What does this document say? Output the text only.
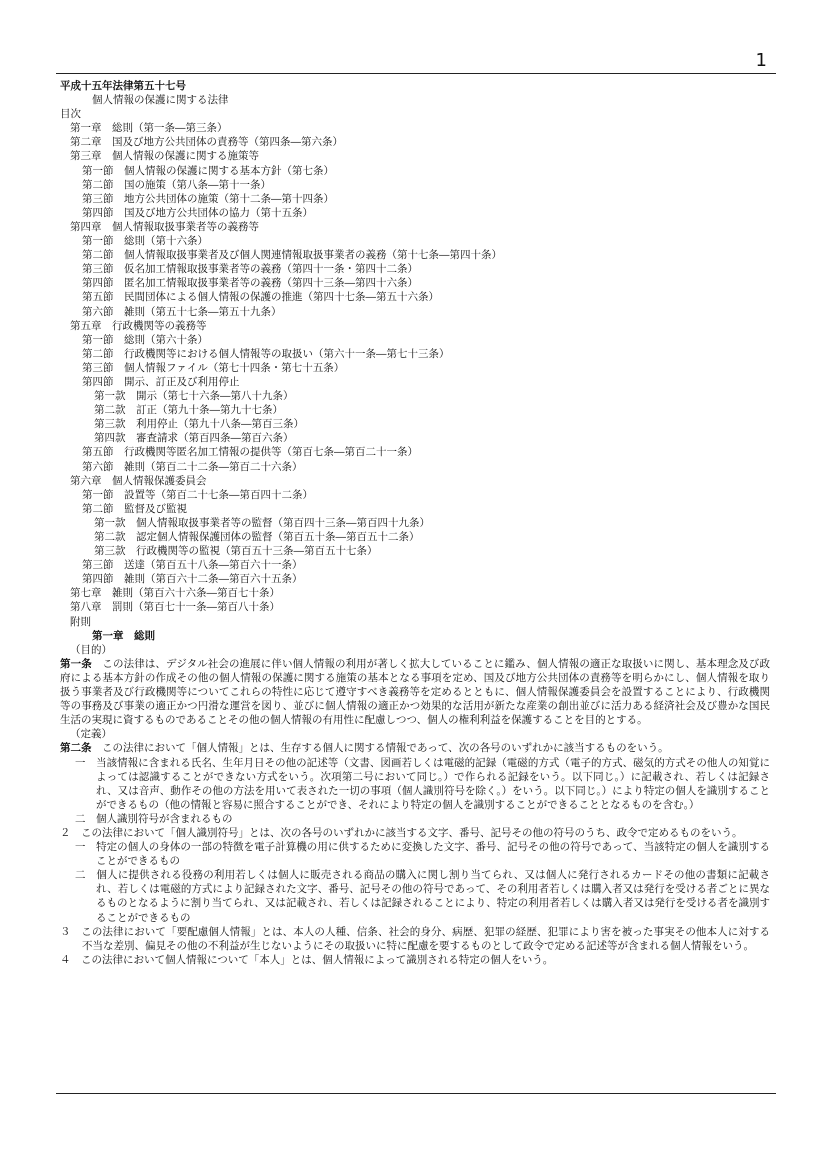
1
平成十五年法律第五十七号
個人情報の保護に関する法律
目次
第一章　総則（第一条―第三条）
第二章　国及び地方公共団体の責務等（第四条―第六条）
第三章　個人情報の保護に関する施策等
第一節　個人情報の保護に関する基本方針（第七条）
第二節　国の施策（第八条―第十一条）
第三節　地方公共団体の施策（第十二条―第十四条）
第四節　国及び地方公共団体の協力（第十五条）
第四章　個人情報取扱事業者等の義務等
第一節　総則（第十六条）
第二節　個人情報取扱事業者及び個人関連情報取扱事業者の義務（第十七条―第四十条）
第三節　仮名加工情報取扱事業者等の義務（第四十一条・第四十二条）
第四節　匿名加工情報取扱事業者等の義務（第四十三条―第四十六条）
第五節　民間団体による個人情報の保護の推進（第四十七条―第五十六条）
第六節　雑則（第五十七条―第五十九条）
第五章　行政機関等の義務等
第一節　総則（第六十条）
第二節　行政機関等における個人情報等の取扱い（第六十一条―第七十三条）
第三節　個人情報ファイル（第七十四条・第七十五条）
第四節　開示、訂正及び利用停止
第一款　開示（第七十六条―第八十九条）
第二款　訂正（第九十条―第九十七条）
第三款　利用停止（第九十八条―第百三条）
第四款　審査請求（第百四条―第百六条）
第五節　行政機関等匿名加工情報の提供等（第百七条―第百二十一条）
第六節　雑則（第百二十二条―第百二十六条）
第六章　個人情報保護委員会
第一節　設置等（第百二十七条―第百四十二条）
第二節　監督及び監視
第一款　個人情報取扱事業者等の監督（第百四十三条―第百四十九条）
第二款　認定個人情報保護団体の監督（第百五十条―第百五十二条）
第三款　行政機関等の監視（第百五十三条―第百五十七条）
第三節　送達（第百五十八条―第百六十一条）
第四節　雑則（第百六十二条―第百六十五条）
第七章　雑則（第百六十六条―第百七十条）
第八章　罰則（第百七十一条―第百八十条）
附則
第一章　総則
（目的）
第一条　 この法律は、デジタル社会の進展に伴い個人情報の利用が著しく拡大していることに鑑み、個人情報の適正な取扱いに関し、基本理念及び政府による基本方針の作成その他の個人情報の保護に関する施策の基本となる事項を定め、国及び地方公共団体の責務等を明らかにし、個人情報を取り扱う事業者及び行政機関等についてこれらの特性に応じて遵守すべき義務等を定めるとともに、個人情報保護委員会を設置することにより、行政機関等の事務及び事業の適正かつ円滑な運営を図り、並びに個人情報の適正かつ効果的な活用が新たな産業の創出並びに活力ある経済社会及び豊かな国民生活の実現に資するものであることその他の個人情報の有用性に配慮しつつ、個人の権利利益を保護することを目的とする。
（定義）
第二条　 この法律において「個人情報」とは、生存する個人に関する情報であって、次の各号のいずれかに該当するものをいう。
一　 当該情報に含まれる氏名、生年月日その他の記述等（文書、図画若しくは電磁的記録（電磁的方式（電子的方式、磁気的方式その他人の知覚によっては認識することができない方式をいう。次項第二号において同じ。）で作られる記録をいう。以下同じ。）に記載され、若しくは記録され、又は音声、動作その他の方法を用いて表された一切の事項（個人識別符号を除く。）をいう。以下同じ。）により特定の個人を識別することができるもの（他の情報と容易に照合することができ、それにより特定の個人を識別することができることとなるものを含む。）
二　 個人識別符号が含まれるもの
２　 この法律において「個人識別符号」とは、次の各号のいずれかに該当する文字、番号、記号その他の符号のうち、政令で定めるものをいう。
一　 特定の個人の身体の一部の特徴を電子計算機の用に供するために変換した文字、番号、記号その他の符号であって、当該特定の個人を識別することができるもの
二　 個人に提供される役務の利用若しくは個人に販売される商品の購入に関し割り当てられ、又は個人に発行されるカードその他の書類に記載され、若しくは電磁的方式により記録された文字、番号、記号その他の符号であって、その利用者若しくは購入者又は発行を受ける者ごとに異なるものとなるように割り当てられ、又は記載され、若しくは記録されることにより、特定の利用者若しくは購入者又は発行を受ける者を識別することができるもの
３　 この法律において「要配慮個人情報」とは、本人の人種、信条、社会的身分、病歴、犯罪の経歴、犯罪により害を被った事実その他本人に対する不当な差別、偏見その他の不利益が生じないようにその取扱いに特に配慮を要するものとして政令で定める記述等が含まれる個人情報をいう。
４　 この法律において個人情報について「本人」とは、個人情報によって識別される特定の個人をいう。
